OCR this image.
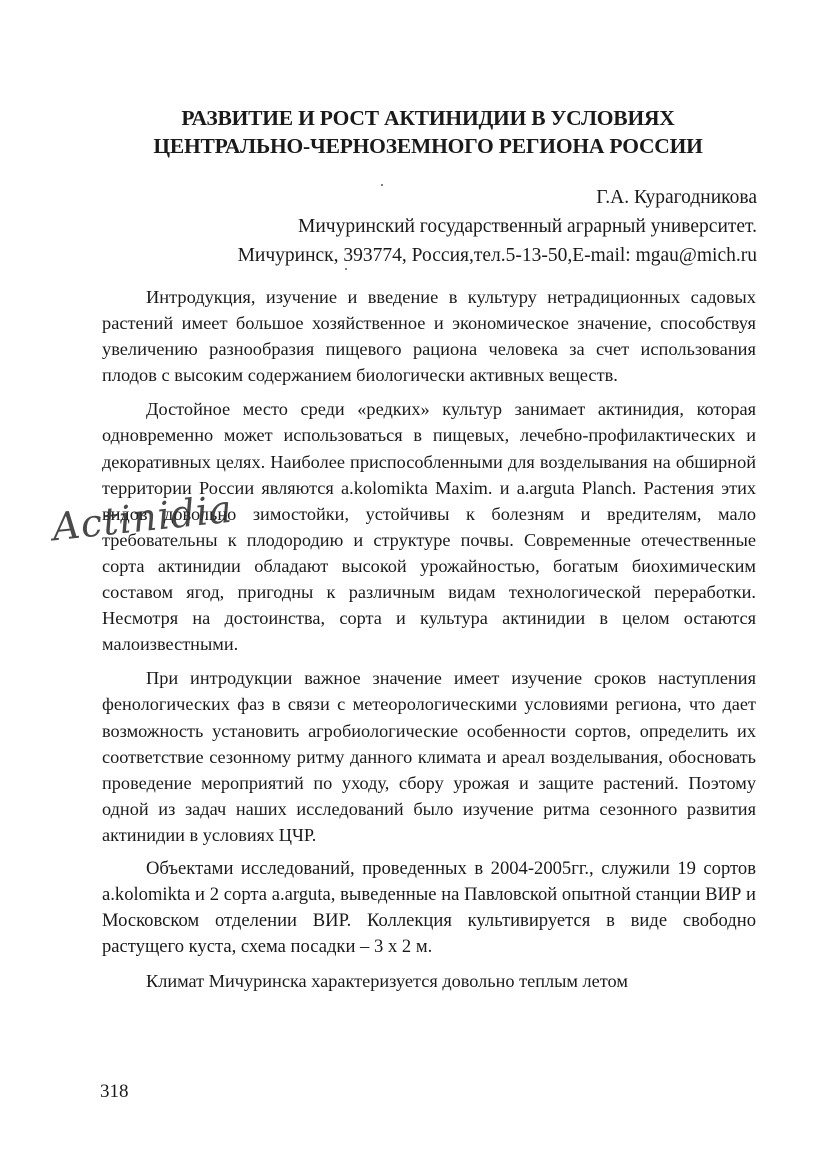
РАЗВИТИЕ И РОСТ АКТИНИДИИ В УСЛОВИЯХ
ЦЕНТРАЛЬНО-ЧЕРНОЗЕМНОГО РЕГИОНА РОССИИ
Г.А. Курагодникова
Мичуринский государственный аграрный университет.
Мичуринск, 393774, Россия,тел.5-13-50,E-mail: mgau@mich.ru

Интродукция, изучение и введение в культуру нетрадиционных садовых растений имеет большое хозяйственное и экономическое значение, способствуя увеличению разнообразия пищевого рациона человека за счет использования плодов с высоким содержанием биологически активных веществ.

Достойное место среди «редких» культур занимает актинидия, которая одновременно может использоваться в пищевых, лечебно-профилактических и декоративных целях. Наиболее приспособленными для возделывания на обширной территории России являются a.kolomikta Maxim. и a.arguta Planch. Растения этих видов довольно зимостойки, устойчивы к болезням и вредителям, мало требовательны к плодородию и структуре почвы. Современные отечественные сорта актинидии обладают высокой урожайностью, богатым биохимическим составом ягод, пригодны к различным видам технологической переработки. Несмотря на достоинства, сорта и культура актинидии в целом остаются малоизвестными.

При интродукции важное значение имеет изучение сроков наступления фенологических фаз в связи с метеорологическими условиями региона, что дает возможность установить агробиологические особенности сортов, определить их соответствие сезонному ритму данного климата и ареал возделывания, обосновать проведение мероприятий по уходу, сбору урожая и защите растений. Поэтому одной из задач наших исследований было изучение ритма сезонного развития актинидии в условиях ЦЧР.

Объектами исследований, проведенных в 2004-2005гг., служили 19 сортов a.kolomikta и 2 сорта a.arguta, выведенные на Павловской опытной станции ВИР и Московском отделении ВИР. Коллекция культивируется в виде свободно растущего куста, схема посадки – 3 х 2 м.

Климат Мичуринска характеризуется довольно теплым летом

Actinidia
318
